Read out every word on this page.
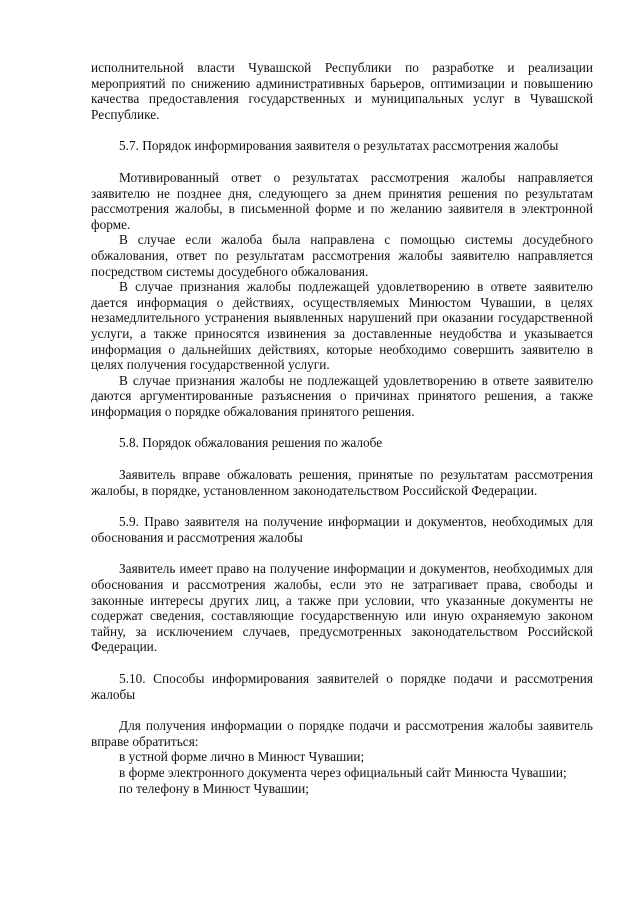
исполнительной власти Чувашской Республики по разработке и реализации мероприятий по снижению административных барьеров, оптимизации и повышению качества предоставления государственных и муниципальных услуг в Чувашской Республике.

5.7. Порядок информирования заявителя о результатах рассмотрения жалобы

Мотивированный ответ о результатах рассмотрения жалобы направляется заявителю не позднее дня, следующего за днем принятия решения по результатам рассмотрения жалобы, в письменной форме и по желанию заявителя в электронной форме.

В случае если жалоба была направлена с помощью системы досудебного обжалования, ответ по результатам рассмотрения жалобы заявителю направляется посредством системы досудебного обжалования.

В случае признания жалобы подлежащей удовлетворению в ответе заявителю дается информация о действиях, осуществляемых Минюстом Чувашии, в целях незамедлительного устранения выявленных нарушений при оказании государственной услуги, а также приносятся извинения за доставленные неудобства и указывается информация о дальнейших действиях, которые необходимо совершить заявителю в целях получения государственной услуги.

В случае признания жалобы не подлежащей удовлетворению в ответе заявителю даются аргументированные разъяснения о причинах принятого решения, а также информация о порядке обжалования принятого решения.

5.8. Порядок обжалования решения по жалобе

Заявитель вправе обжаловать решения, принятые по результатам рассмотрения жалобы, в порядке, установленном законодательством Российской Федерации.

5.9. Право заявителя на получение информации и документов, необходимых для обоснования и рассмотрения жалобы

Заявитель имеет право на получение информации и документов, необходимых для обоснования и рассмотрения жалобы, если это не затрагивает права, свободы и законные интересы других лиц, а также при условии, что указанные документы не содержат сведения, составляющие государственную или иную охраняемую законом тайну, за исключением случаев, предусмотренных законодательством Российской Федерации.

5.10. Способы информирования заявителей о порядке подачи и рассмотрения жалобы

Для получения информации о порядке подачи и рассмотрения жалобы заявитель вправе обратиться:

в устной форме лично в Минюст Чувашии;

в форме электронного документа через официальный сайт Минюста Чувашии;

по телефону в Минюст Чувашии;
